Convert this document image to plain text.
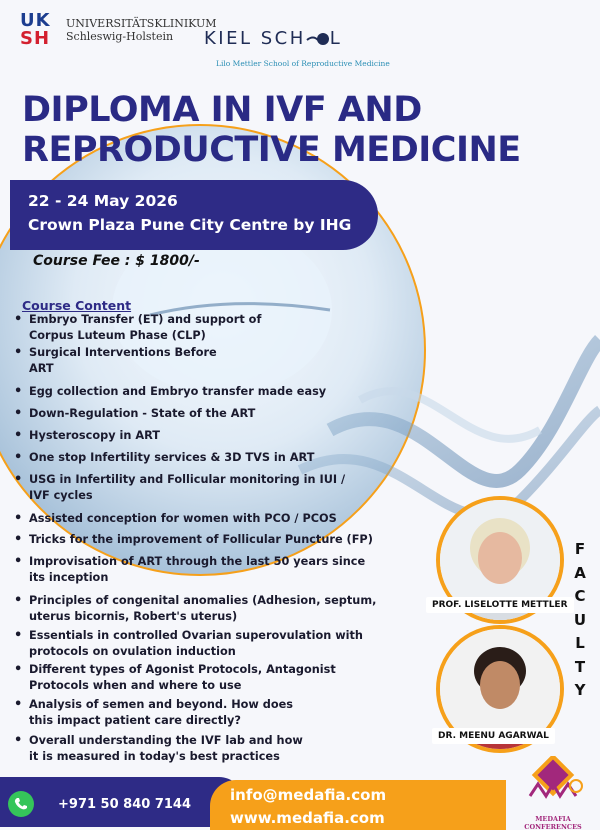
UK
SH
UNIVERSITÄTSKLINIKUM
Schleswig-Holstein	KIEL SCH L
Lilo Mettler School of Reproductive Medicine
DIPLOMA IN IVF AND
REPRODUCTIVE MEDICINE
22 - 24 May 2026
Crown Plaza Pune City Centre by IHG
Course Fee : $ 1800/-
Course Content
• Embryo Transfer (ET) and support of Corpus Luteum Phase (CLP)
• Surgical Interventions Before ART
• Egg collection and Embryo transfer made easy
• Down-Regulation - State of the ART
• Hysteroscopy in ART
• One stop Infertility services & 3D TVS in ART
• USG in Infertility and Follicular monitoring in IUI / IVF cycles
• Assisted conception for women with PCO / PCOS
• Tricks for the improvement of Follicular Puncture (FP)
• Improvisation of ART through the last 50 years since its inception
• Principles of congenital anomalies (Adhesion, septum, uterus bicornis, Robert's uterus)
• Essentials in controlled Ovarian superovulation with protocols on ovulation induction
• Different types of Agonist Protocols, Antagonist Protocols when and where to use
• Analysis of semen and beyond. How does this impact patient care directly?
• Overall understanding the IVF lab and how it is measured in today's best practices
PROF. LISELOTTE METTLER
DR. MEENU AGARWAL
F
A
C
U
L
T
Y
+971 50 840 7144
info@medafia.com
www.medafia.com	MEDAFIA CONFERENCES
